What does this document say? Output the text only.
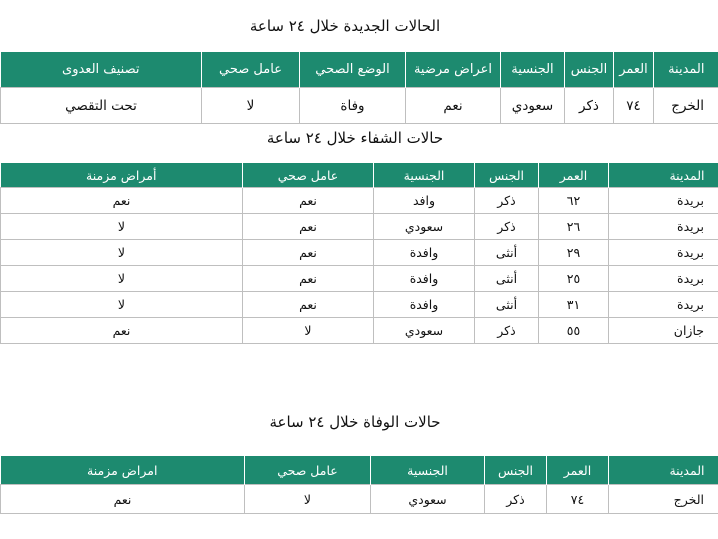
الحالات الجديدة خلال ٢٤ ساعة
المدينة	العمر	الجنس	الجنسية	اعراض مرضية	الوضع الصحي	عامل صحي	تصنيف العدوى
الخرج	٧٤	ذكر	سعودي	نعم	وفاة	لا	تحت التقصي
حالات الشفاء خلال ٢٤ ساعة
المدينة	العمر	الجنس	الجنسية	عامل صحي	أمراض مزمنة
بريدة	٦٢	ذكر	وافد	نعم	نعم
بريدة	٢٦	ذكر	سعودي	نعم	لا
بريدة	٢٩	أنثى	وافدة	نعم	لا
بريدة	٢٥	أنثى	وافدة	نعم	لا
بريدة	٣١	أنثى	وافدة	نعم	لا
جازان	٥٥	ذكر	سعودي	لا	نعم
حالات الوفاة خلال ٢٤ ساعة
المدينة	العمر	الجنس	الجنسية	عامل صحي	امراض مزمنة
الخرج	٧٤	ذكر	سعودي	لا	نعم
